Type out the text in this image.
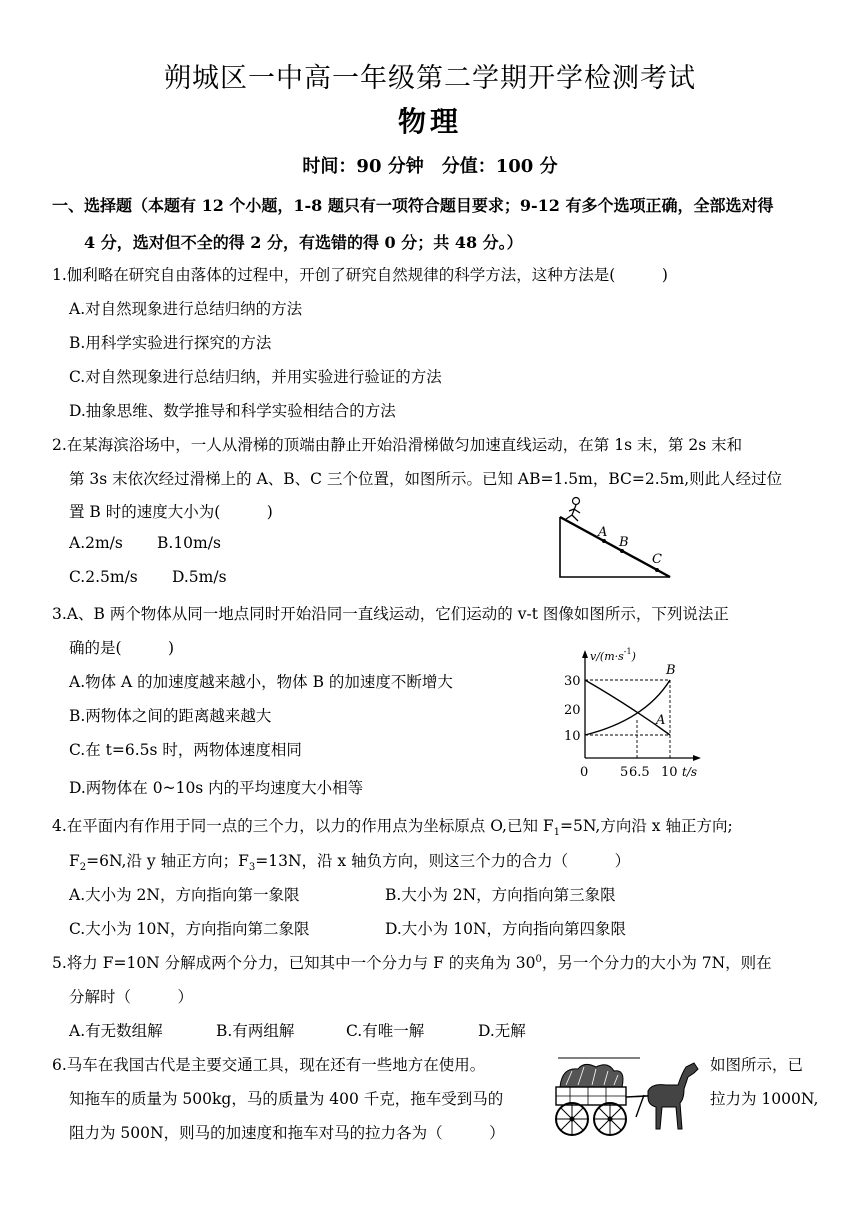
朔城区一中高一年级第二学期开学检测考试
物理
时间：90 分钟　分值：100 分
一、选择题（本题有 12 个小题，1-8 题只有一项符合题目要求；9-12 有多个选项正确，全部选对得
4 分，选对但不全的得 2 分，有选错的得 0 分；共 48 分。）
1.伽利略在研究自由落体的过程中，开创了研究自然规律的科学方法，这种方法是(　　　)
A.对自然现象进行总结归纳的方法
B.用科学实验进行探究的方法
C.对自然现象进行总结归纳，并用实验进行验证的方法
D.抽象思维、数学推导和科学实验相结合的方法
2.在某海滨浴场中，一人从滑梯的顶端由静止开始沿滑梯做匀加速直线运动，在第 1s 末，第 2s 末和
第 3s 末依次经过滑梯上的 A、B、C 三个位置，如图所示。已知 AB=1.5m，BC=2.5m,则此人经过位
置 B 时的速度大小为(　　　)
A.2m/s B.10m/s
C.2.5m/s D.5m/s
A
B
C
3.A、B 两个物体从同一地点同时开始沿同一直线运动，它们运动的 v-t 图像如图所示，下列说法正
确的是(　　　)
A.物体 A 的加速度越来越小，物体 B 的加速度不断增大
B.两物体之间的距离越来越大
C.在 t=6.5s 时，两物体速度相同
D.两物体在 0~10s 内的平均速度大小相等
$v/(m\cdot s^{-1})$
B
A
30
20
10
0 5 6.5 10 t/s
4.在平面内有作用于同一点的三个力，以力的作用点为坐标原点 O,已知 $F_1=5N$,方向沿 x 轴正方向;
$F_2=6N$,沿 y 轴正方向；$F_3=13N$，沿 x 轴负方向，则这三个力的合力（　　　）
A.大小为 2N，方向指向第一象限	B.大小为 2N，方向指向第三象限
C.大小为 10N，方向指向第二象限	D.大小为 10N，方向指向第四象限
5.将力 F=10N 分解成两个分力，已知其中一个分力与 F 的夹角为 $30^0$，另一个分力的大小为 7N，则在
分解时（　　　）
A.有无数组解	B.有两组解	C.有唯一解	D.无解
6.马车在我国古代是主要交通工具，现在还有一些地方在使用。	如图所示，已
知拖车的质量为 500kg，马的质量为 400 千克，拖车受到马的	拉力为 1000N,
阻力为 500N，则马的加速度和拖车对马的拉力各为（　　　）
